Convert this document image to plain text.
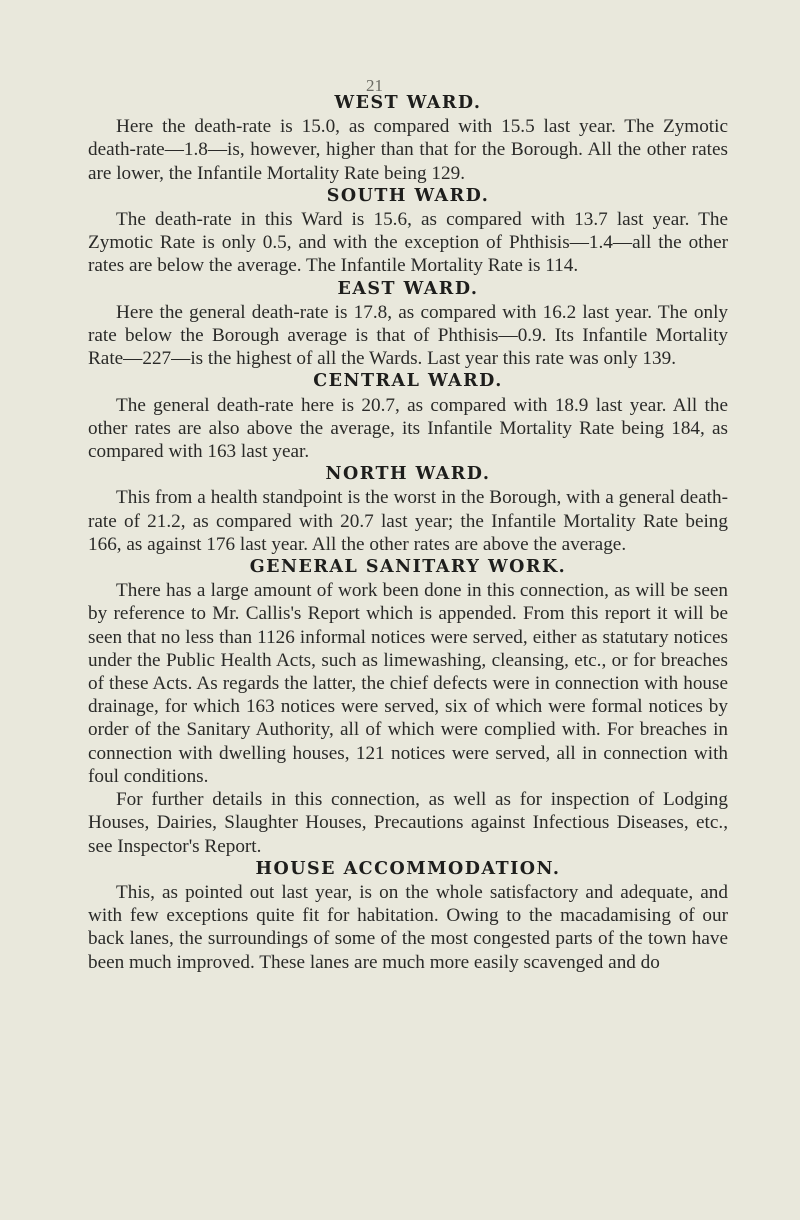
21
WEST WARD.

Here the death-rate is 15.0, as compared with 15.5 last year. The Zymotic death-rate—1.8—is, however, higher than that for the Borough. All the other rates are lower, the Infantile Mortality Rate being 129.

SOUTH WARD.

The death-rate in this Ward is 15.6, as compared with 13.7 last year. The Zymotic Rate is only 0.5, and with the exception of Phthisis—1.4—all the other rates are below the average. The Infantile Mortality Rate is 114.

EAST WARD.

Here the general death-rate is 17.8, as compared with 16.2 last year. The only rate below the Borough average is that of Phthisis—0.9. Its Infantile Mortality Rate—227—is the highest of all the Wards. Last year this rate was only 139.

CENTRAL WARD.

The general death-rate here is 20.7, as compared with 18.9 last year. All the other rates are also above the average, its Infantile Mortality Rate being 184, as compared with 163 last year.

NORTH WARD.

This from a health standpoint is the worst in the Borough, with a general death-rate of 21.2, as compared with 20.7 last year; the Infantile Mortality Rate being 166, as against 176 last year. All the other rates are above the average.

GENERAL SANITARY WORK.

There has a large amount of work been done in this connection, as will be seen by reference to Mr. Callis's Report which is appended. From this report it will be seen that no less than 1126 informal notices were served, either as statutary notices under the Public Health Acts, such as limewashing, cleansing, etc., or for breaches of these Acts. As regards the latter, the chief defects were in connection with house drainage, for which 163 notices were served, six of which were formal notices by order of the Sanitary Authority, all of which were complied with. For breaches in connection with dwelling houses, 121 notices were served, all in connection with foul conditions.

For further details in this connection, as well as for inspection of Lodging Houses, Dairies, Slaughter Houses, Precautions against Infectious Diseases, etc., see Inspector's Report.

HOUSE ACCOMMODATION.

This, as pointed out last year, is on the whole satisfactory and adequate, and with few exceptions quite fit for habitation. Owing to the macadamising of our back lanes, the surroundings of some of the most congested parts of the town have been much improved. These lanes are much more easily scavenged and do
